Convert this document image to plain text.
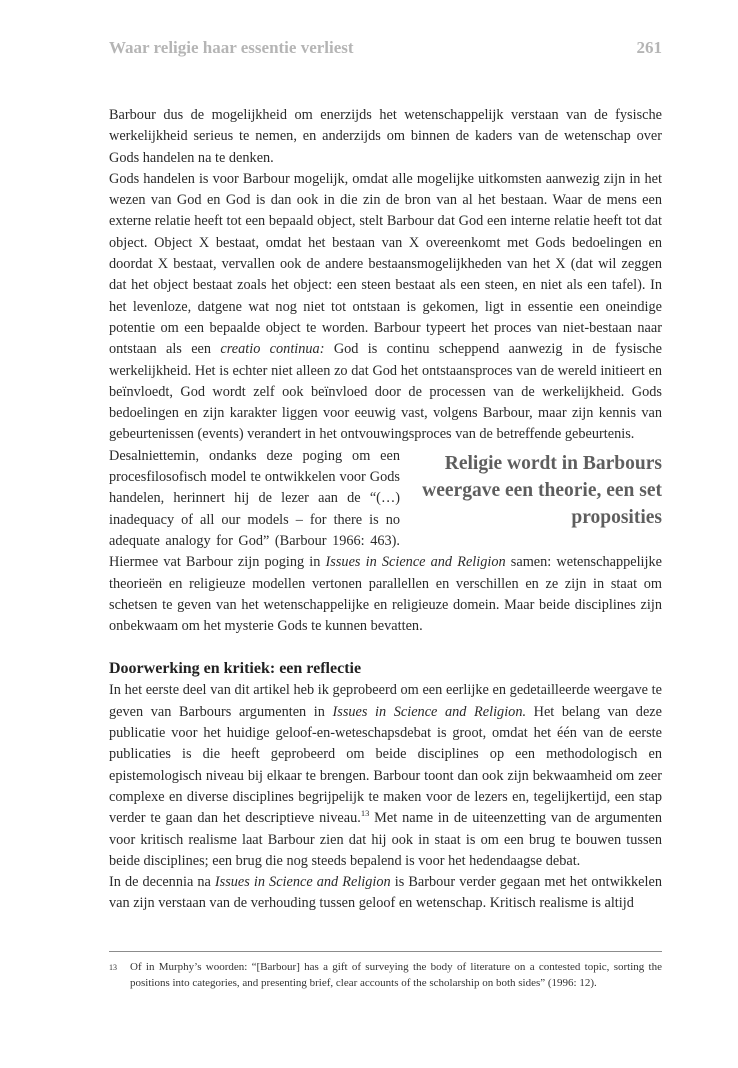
Waar religie haar essentie verliest	261

Barbour dus de mogelijkheid om enerzijds het wetenschappelijk verstaan van de fysische werkelijkheid serieus te nemen, en anderzijds om binnen de kaders van de wetenschap over Gods handelen na te denken.

Gods handelen is voor Barbour mogelijk, omdat alle mogelijke uitkomsten aanwezig zijn in het wezen van God en God is dan ook in die zin de bron van al het bestaan. Waar de mens een externe relatie heeft tot een bepaald object, stelt Barbour dat God een interne relatie heeft tot dat object. Object X bestaat, omdat het bestaan van X overeenkomt met Gods bedoelingen en doordat X bestaat, vervallen ook de andere bestaansmogelijkheden van het X (dat wil zeggen dat het object bestaat zoals het object: een steen bestaat als een steen, en niet als een tafel). In het levenloze, datgene wat nog niet tot ontstaan is gekomen, ligt in essentie een oneindige potentie om een bepaalde object te worden. Barbour typeert het proces van niet-bestaan naar ontstaan als een creatio continua: God is continu scheppend aanwezig in de fysische werkelijkheid. Het is echter niet alleen zo dat God het ontstaansproces van de wereld initieert en beïnvloedt, God wordt zelf ook beïnvloed door de processen van de werkelijkheid. Gods bedoelingen en zijn karakter liggen voor eeuwig vast, volgens Barbour, maar zijn kennis van gebeurtenissen (events) verandert in het ontvouwingsproces van de betreffende gebeurtenis.

Religie wordt in Barbours weergave een theorie, een set proposities
Desalniettemin, ondanks deze poging om een procesfilosofisch model te ontwikkelen voor Gods handelen, herinnert hij de lezer aan de “(…) inadequacy of all our models – for there is no adequate analogy for God” (Barbour 1966: 463). Hiermee vat Barbour zijn poging in Issues in Science and Religion samen: wetenschappelijke theorieën en religieuze modellen vertonen parallellen en verschillen en ze zijn in staat om schetsen te geven van het wetenschappelijke en religieuze domein. Maar beide disciplines zijn onbekwaam om het mysterie Gods te kunnen bevatten.

Doorwerking en kritiek: een reflectie

In het eerste deel van dit artikel heb ik geprobeerd om een eerlijke en gedetailleerde weergave te geven van Barbours argumenten in Issues in Science and Religion. Het belang van deze publicatie voor het huidige geloof-en-weteschapsdebat is groot, omdat het één van de eerste publicaties is die heeft geprobeerd om beide disciplines op een methodologisch en epistemologisch niveau bij elkaar te brengen. Barbour toont dan ook zijn bekwaamheid om zeer complexe en diverse disciplines begrijpelijk te maken voor de lezers en, tegelijkertijd, een stap verder te gaan dan het descriptieve niveau.$^{13}$ Met name in de uiteenzetting van de argumenten voor kritisch realisme laat Barbour zien dat hij ook in staat is om een brug te bouwen tussen beide disciplines; een brug die nog steeds bepalend is voor het hedendaagse debat.

In de decennia na Issues in Science and Religion is Barbour verder gegaan met het ontwikkelen van zijn verstaan van de verhouding tussen geloof en wetenschap. Kritisch realisme is altijd

13 Of in Murphy’s woorden: “[Barbour] has a gift of surveying the body of literature on a contested topic, sorting the positions into categories, and presenting brief, clear accounts of the scholarship on both sides” (1996: 12).
